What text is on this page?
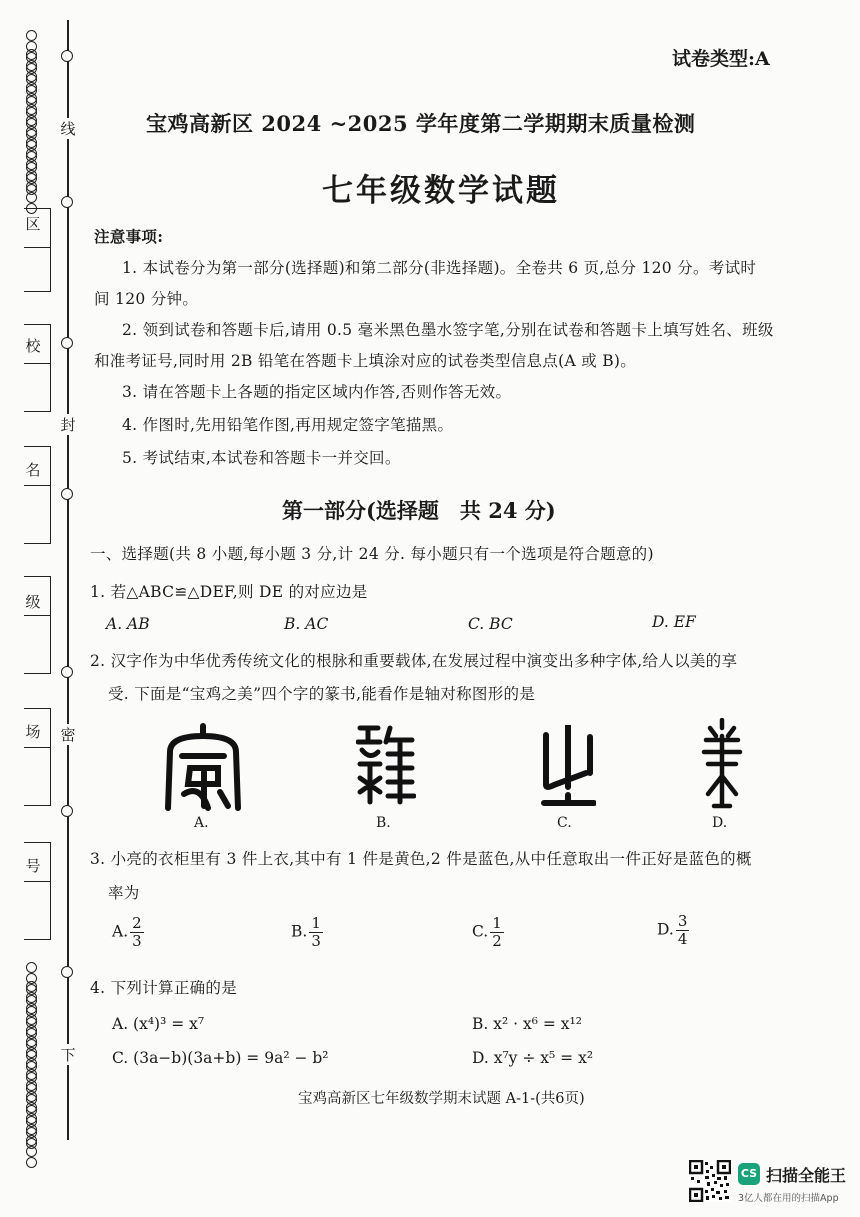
线
封
密
下
区
校
名
级
场
号
试卷类型:A
宝鸡高新区 2024 ~2025 学年度第二学期期末质量检测
七年级数学试题
注意事项:
1. 本试卷分为第一部分(选择题)和第二部分(非选择题)。全卷共 6 页,总分 120 分。考试时
间 120 分钟。
2. 领到试卷和答题卡后,请用 0.5 毫米黑色墨水签字笔,分别在试卷和答题卡上填写姓名、班级
和准考证号,同时用 2B 铅笔在答题卡上填涂对应的试卷类型信息点(A 或 B)。
3. 请在答题卡上各题的指定区域内作答,否则作答无效。
4. 作图时,先用铅笔作图,再用规定签字笔描黑。
5. 考试结束,本试卷和答题卡一并交回。
第一部分(选择题　共 24 分)
一、选择题(共 8 小题,每小题 3 分,计 24 分. 每小题只有一个选项是符合题意的)
1. 若△ABC≌△DEF,则 DE 的对应边是
A. AB	B. AC	C. BC	D. EF
2. 汉字作为中华优秀传统文化的根脉和重要载体,在发展过程中演变出多种字体,给人以美的享
受. 下面是“宝鸡之美”四个字的篆书,能看作是轴对称图形的是
A.	B.	C.	D.
3. 小亮的衣柜里有 3 件上衣,其中有 1 件是黄色,2 件是蓝色,从中任意取出一件正好是蓝色的概
率为
A. $\frac{2}{3}$	B. $\frac{1}{3}$	C. $\frac{1}{2}$	D. $\frac{3}{4}$
4. 下列计算正确的是
A. (x⁴)³ = x⁷	B. x² · x⁶ = x¹²
C. (3a−b)(3a+b) = 9a² − b²	D. x⁷y ÷ x⁵ = x²
宝鸡高新区七年级数学期末试题 A-1-(共6页)
CS 扫描全能王
3亿人都在用的扫描App
